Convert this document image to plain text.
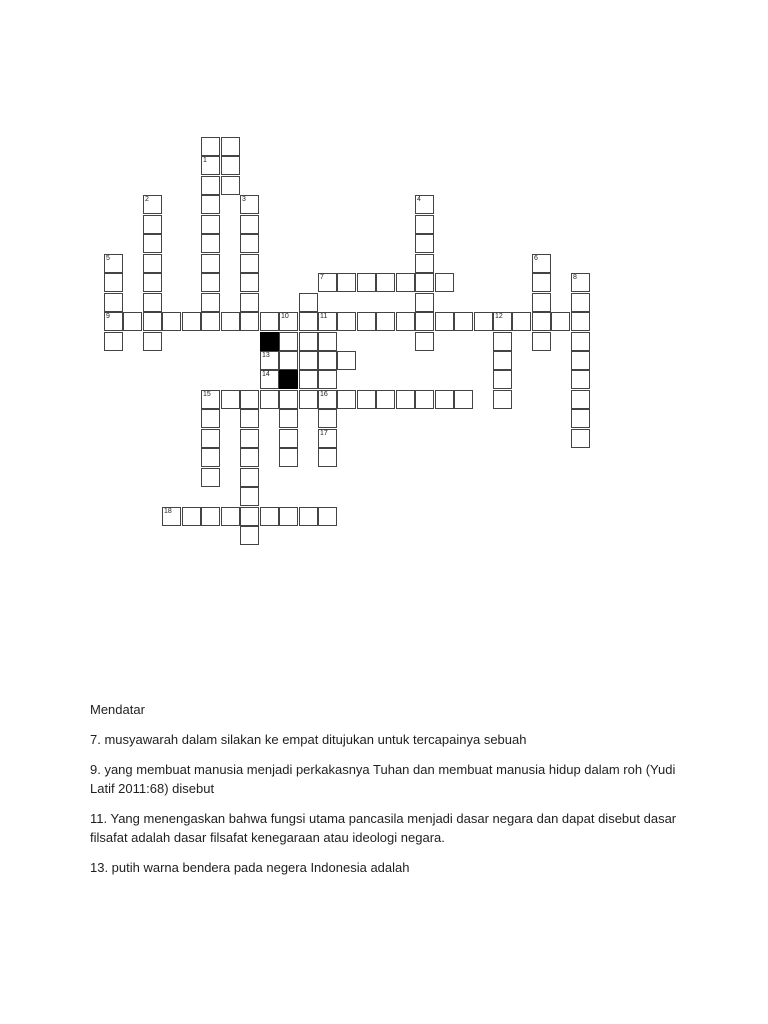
1
2	3	4
5	6
7	8
9	10	11	12
13
14
15	16
17
18
Mendatar
7. musyawarah dalam silakan ke empat ditujukan untuk tercapainya sebuah
9. yang membuat manusia menjadi perkakasnya Tuhan dan membuat manusia hidup dalam roh (Yudi Latif 2011:68) disebut
11. Yang menengaskan bahwa fungsi utama pancasila menjadi dasar negara dan dapat disebut dasar filsafat adalah dasar filsafat kenegaraan atau ideologi negara.
13. putih warna bendera pada negera Indonesia adalah
